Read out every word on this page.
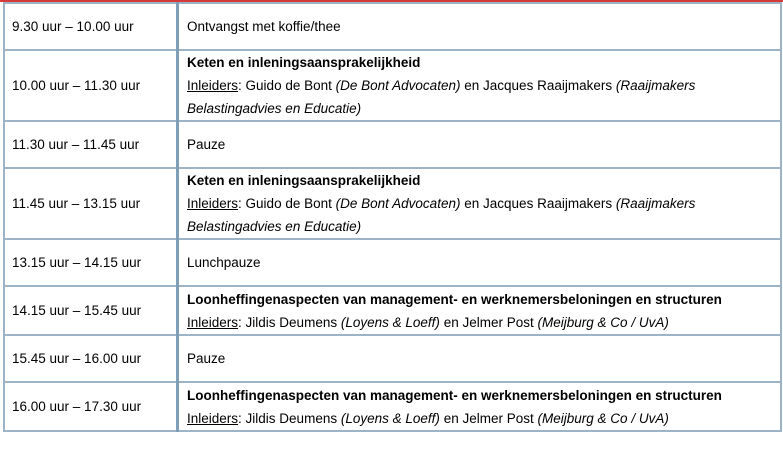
9.30 uur – 10.00 uur	Ontvangst met koffie/thee
10.00 uur – 11.30 uur	Keten en inleningsaansprakelijkheid
Inleiders: Guido de Bont (De Bont Advocaten) en Jacques Raaijmakers (Raaijmakers Belastingadvies en Educatie)
11.30 uur – 11.45 uur	Pauze
11.45 uur – 13.15 uur	Keten en inleningsaansprakelijkheid
Inleiders: Guido de Bont (De Bont Advocaten) en Jacques Raaijmakers (Raaijmakers Belastingadvies en Educatie)
13.15 uur – 14.15 uur	Lunchpauze
14.15 uur – 15.45 uur	Loonheffingenaspecten van management- en werknemersbeloningen en structuren
Inleiders: Jildis Deumens (Loyens & Loeff) en Jelmer Post (Meijburg & Co / UvA)
15.45 uur – 16.00 uur	Pauze
16.00 uur – 17.30 uur	Loonheffingenaspecten van management- en werknemersbeloningen en structuren
Inleiders: Jildis Deumens (Loyens & Loeff) en Jelmer Post (Meijburg & Co / UvA)
